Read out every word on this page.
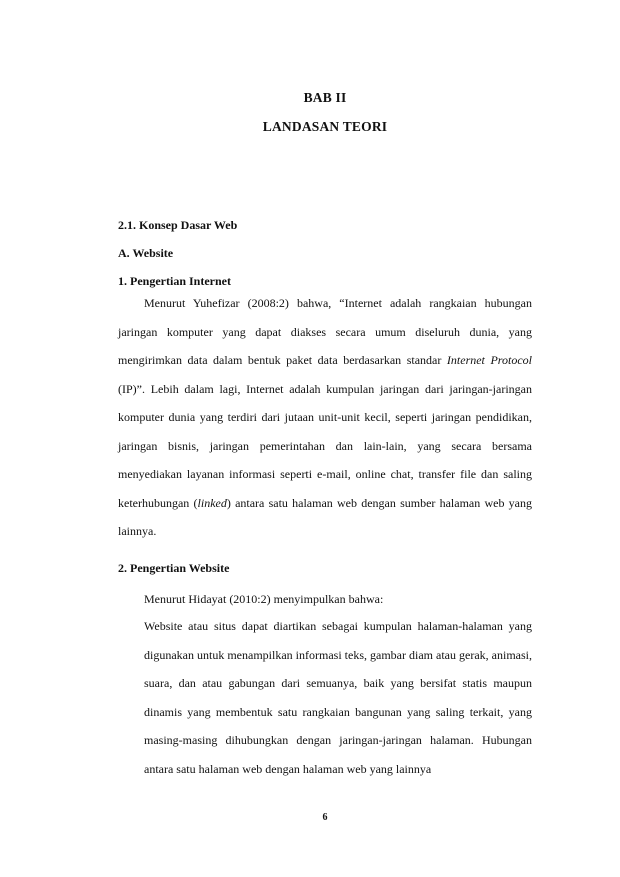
BAB II
LANDASAN TEORI
2.1. Konsep Dasar Web
A. Website
1. Pengertian Internet

Menurut Yuhefizar (2008:2) bahwa, “Internet adalah rangkaian hubungan jaringan komputer yang dapat diakses secara umum diseluruh dunia, yang mengirimkan data dalam bentuk paket data berdasarkan standar Internet Protocol (IP)”. Lebih dalam lagi, Internet adalah kumpulan jaringan dari jaringan-jaringan komputer dunia yang terdiri dari jutaan unit-unit kecil, seperti jaringan pendidikan, jaringan bisnis, jaringan pemerintahan dan lain-lain, yang secara bersama menyediakan layanan informasi seperti e-mail, online chat, transfer file dan saling keterhubungan (linked) antara satu halaman web dengan sumber halaman web yang lainnya.

2. Pengertian Website

Menurut Hidayat (2010:2) menyimpulkan bahwa:

Website atau situs dapat diartikan sebagai kumpulan halaman-halaman yang digunakan untuk menampilkan informasi teks, gambar diam atau gerak, animasi, suara, dan atau gabungan dari semuanya, baik yang bersifat statis maupun dinamis yang membentuk satu rangkaian bangunan yang saling terkait, yang masing-masing dihubungkan dengan jaringan-jaringan halaman. Hubungan antara satu halaman web dengan halaman web yang lainnya

6
